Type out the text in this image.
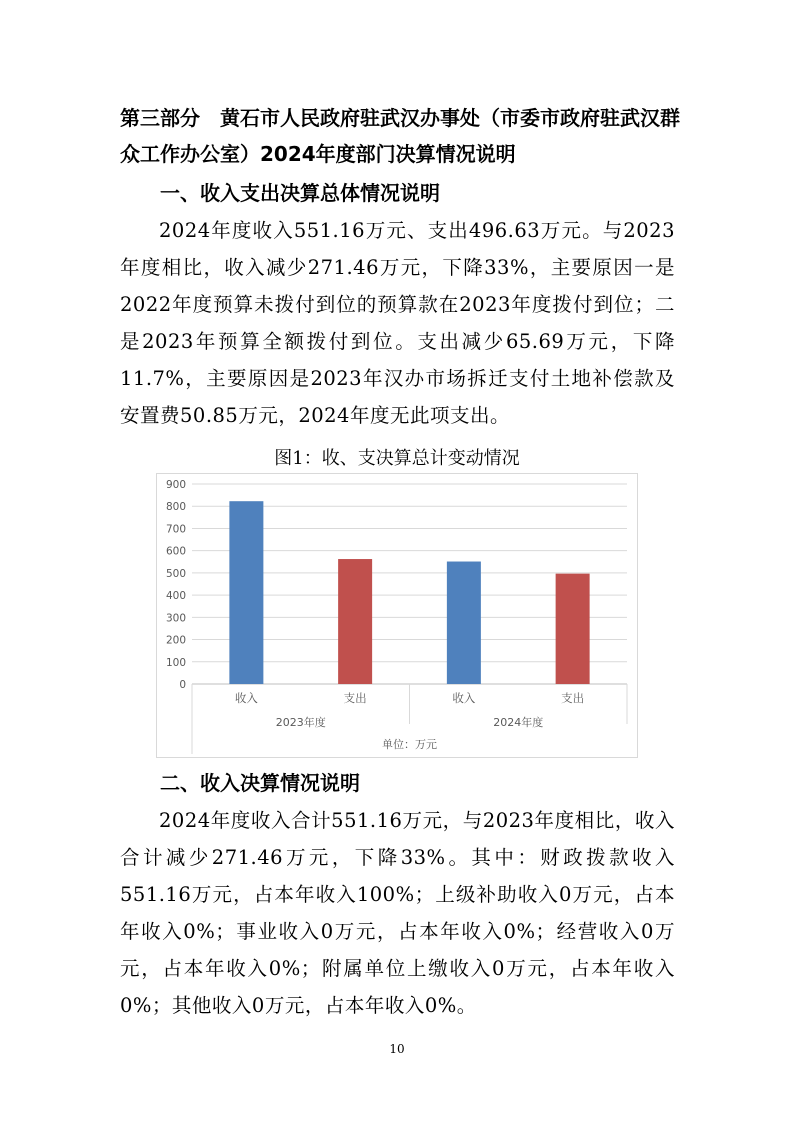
第三部分　黄石市人民政府驻武汉办事处（市委市政府驻武汉群众工作办公室）2024年度部门决算情况说明
一、收入支出决算总体情况说明

2024年度收入551.16万元、支出496.63万元。与2023年度相比，收入减少271.46万元，下降33%，主要原因一是2022年度预算未拨付到位的预算款在2023年度拨付到位；二是2023年预算全额拨付到位。支出减少65.69万元，下降11.7%，主要原因是2023年汉办市场拆迁支付土地补偿款及安置费50.85万元，2024年度无此项支出。

图1：收、支决算总计变动情况
0
100
200
300
400
500
600
700
800
900
收入	支出	收入	支出
2023年度	2024年度
单位：万元
二、收入决算情况说明

2024年度收入合计551.16万元，与2023年度相比，收入合计减少271.46万元，下降33%。其中：财政拨款收入551.16万元，占本年收入100%；上级补助收入0万元，占本年收入0%；事业收入0万元，占本年收入0%；经营收入0万元，占本年收入0%；附属单位上缴收入0万元，占本年收入0%；其他收入0万元，占本年收入0%。

10
